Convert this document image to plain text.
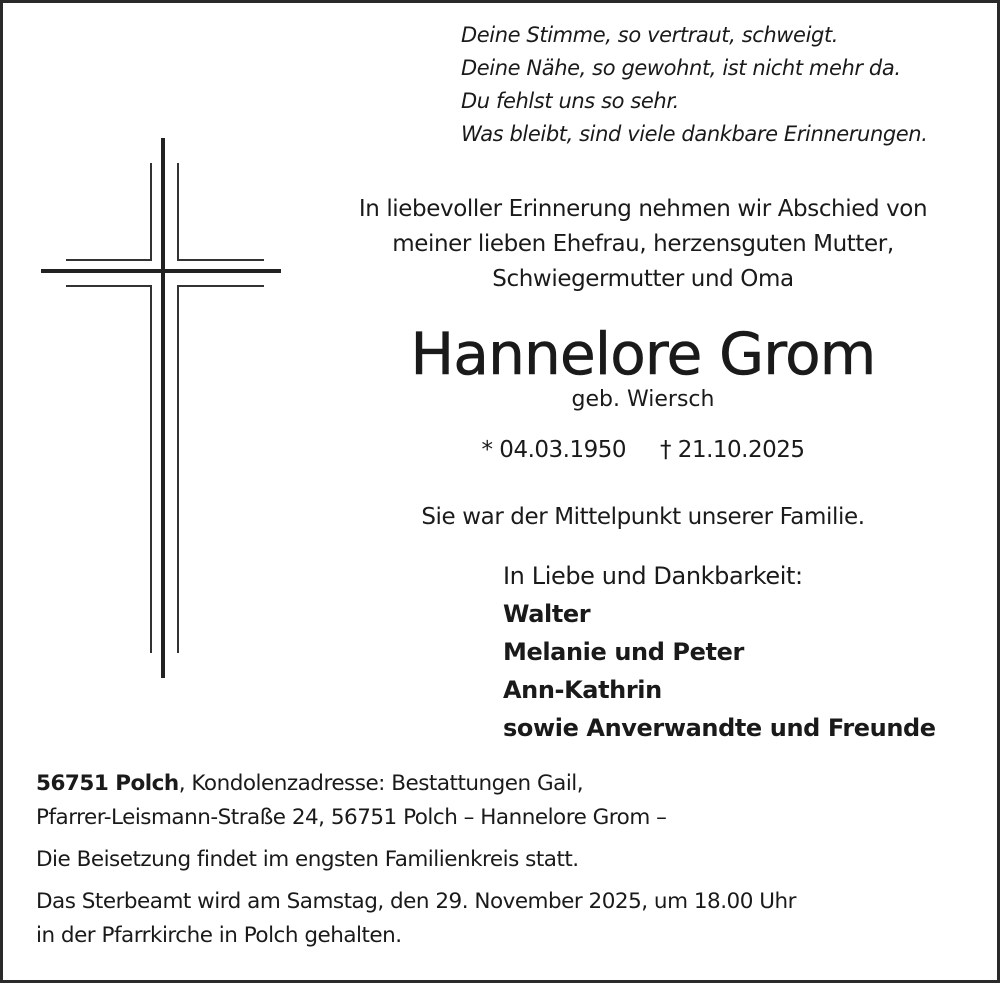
Deine Stimme, so vertraut, schweigt.
Deine Nähe, so gewohnt, ist nicht mehr da.
Du fehlst uns so sehr.
Was bleibt, sind viele dankbare Erinnerungen.
In liebevoller Erinnerung nehmen wir Abschied von
meiner lieben Ehefrau, herzensguten Mutter,
Schwiegermutter und Oma
Hannelore Grom
geb. Wiersch
* 04.03.1950 † 21.10.2025
Sie war der Mittelpunkt unserer Familie.
In Liebe und Dankbarkeit:
Walter
Melanie und Peter
Ann-Kathrin
sowie Anverwandte und Freunde

56751 Polch, Kondolenzadresse: Bestattungen Gail,

Pfarrer-Leismann-Straße 24, 56751 Polch – Hannelore Grom –

Die Beisetzung findet im engsten Familienkreis statt.

Das Sterbeamt wird am Samstag, den 29. November 2025, um 18.00 Uhr

in der Pfarrkirche in Polch gehalten.
